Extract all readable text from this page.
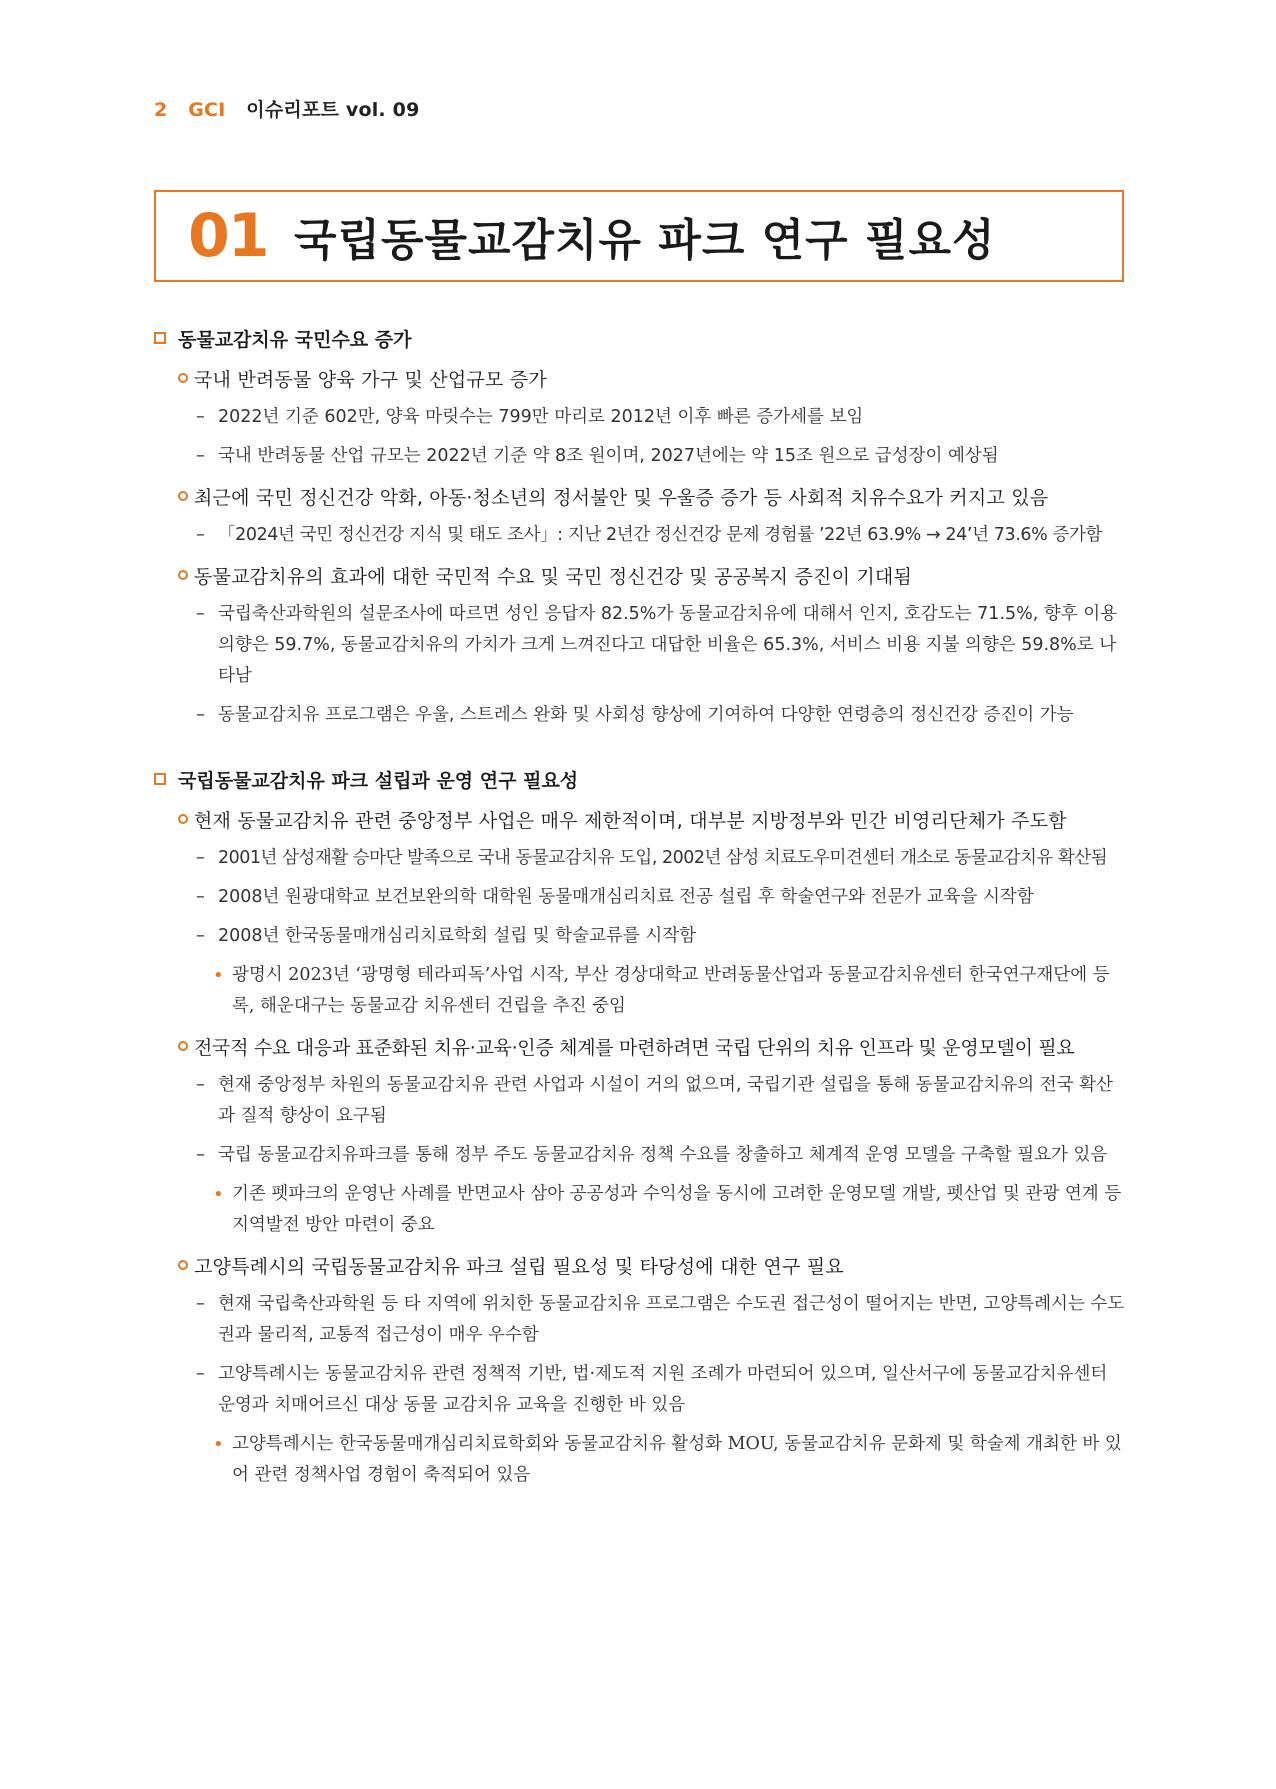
2 GCI 이슈리포트 vol. 09
01 국립동물교감치유 파크 연구 필요성
동물교감치유 국민수요 증가
국내 반려동물 양육 가구 및 산업규모 증가
– 2022년 기준 602만, 양육 마릿수는 799만 마리로 2012년 이후 빠른 증가세를 보임
– 국내 반려동물 산업 규모는 2022년 기준 약 8조 원이며, 2027년에는 약 15조 원으로 급성장이 예상됨
최근에 국민 정신건강 악화, 아동·청소년의 정서불안 및 우울증 증가 등 사회적 치유수요가 커지고 있음
– 「2024년 국민 정신건강 지식 및 태도 조사」: 지난 2년간 정신건강 문제 경험률 ’22년 63.9% → 24’년 73.6% 증가함
동물교감치유의 효과에 대한 국민적 수요 및 국민 정신건강 및 공공복지 증진이 기대됨
– 국립축산과학원의 설문조사에 따르면 성인 응답자 82.5%가 동물교감치유에 대해서 인지, 호감도는 71.5%, 향후 이용 의향은 59.7%, 동물교감치유의 가치가 크게 느껴진다고 대답한 비율은 65.3%, 서비스 비용 지불 의향은 59.8%로 나타남
– 동물교감치유 프로그램은 우울, 스트레스 완화 및 사회성 향상에 기여하여 다양한 연령층의 정신건강 증진이 가능
국립동물교감치유 파크 설립과 운영 연구 필요성
현재 동물교감치유 관련 중앙정부 사업은 매우 제한적이며, 대부분 지방정부와 민간 비영리단체가 주도함
– 2001년 삼성재활 승마단 발족으로 국내 동물교감치유 도입, 2002년 삼성 치료도우미견센터 개소로 동물교감치유 확산됨
– 2008년 원광대학교 보건보완의학 대학원 동물매개심리치료 전공 설립 후 학술연구와 전문가 교육을 시작함
– 2008년 한국동물매개심리치료학회 설립 및 학술교류를 시작함
• 광명시 2023년 ‘광명형 테라피독’사업 시작, 부산 경상대학교 반려동물산업과 동물교감치유센터 한국연구재단에 등록, 해운대구는 동물교감 치유센터 건립을 추진 중임
전국적 수요 대응과 표준화된 치유·교육·인증 체계를 마련하려면 국립 단위의 치유 인프라 및 운영모델이 필요
– 현재 중앙정부 차원의 동물교감치유 관련 사업과 시설이 거의 없으며, 국립기관 설립을 통해 동물교감치유의 전국 확산과 질적 향상이 요구됨
– 국립 동물교감치유파크를 통해 정부 주도 동물교감치유 정책 수요를 창출하고 체계적 운영 모델을 구축할 필요가 있음
• 기존 펫파크의 운영난 사례를 반면교사 삼아 공공성과 수익성을 동시에 고려한 운영모델 개발, 펫산업 및 관광 연계 등 지역발전 방안 마련이 중요
고양특례시의 국립동물교감치유 파크 설립 필요성 및 타당성에 대한 연구 필요
– 현재 국립축산과학원 등 타 지역에 위치한 동물교감치유 프로그램은 수도권 접근성이 떨어지는 반면, 고양특례시는 수도권과 물리적, 교통적 접근성이 매우 우수함
– 고양특례시는 동물교감치유 관련 정책적 기반, 법·제도적 지원 조례가 마련되어 있으며, 일산서구에 동물교감치유센터 운영과 치매어르신 대상 동물 교감치유 교육을 진행한 바 있음
• 고양특례시는 한국동물매개심리치료학회와 동물교감치유 활성화 MOU, 동물교감치유 문화제 및 학술제 개최한 바 있어 관련 정책사업 경험이 축적되어 있음
